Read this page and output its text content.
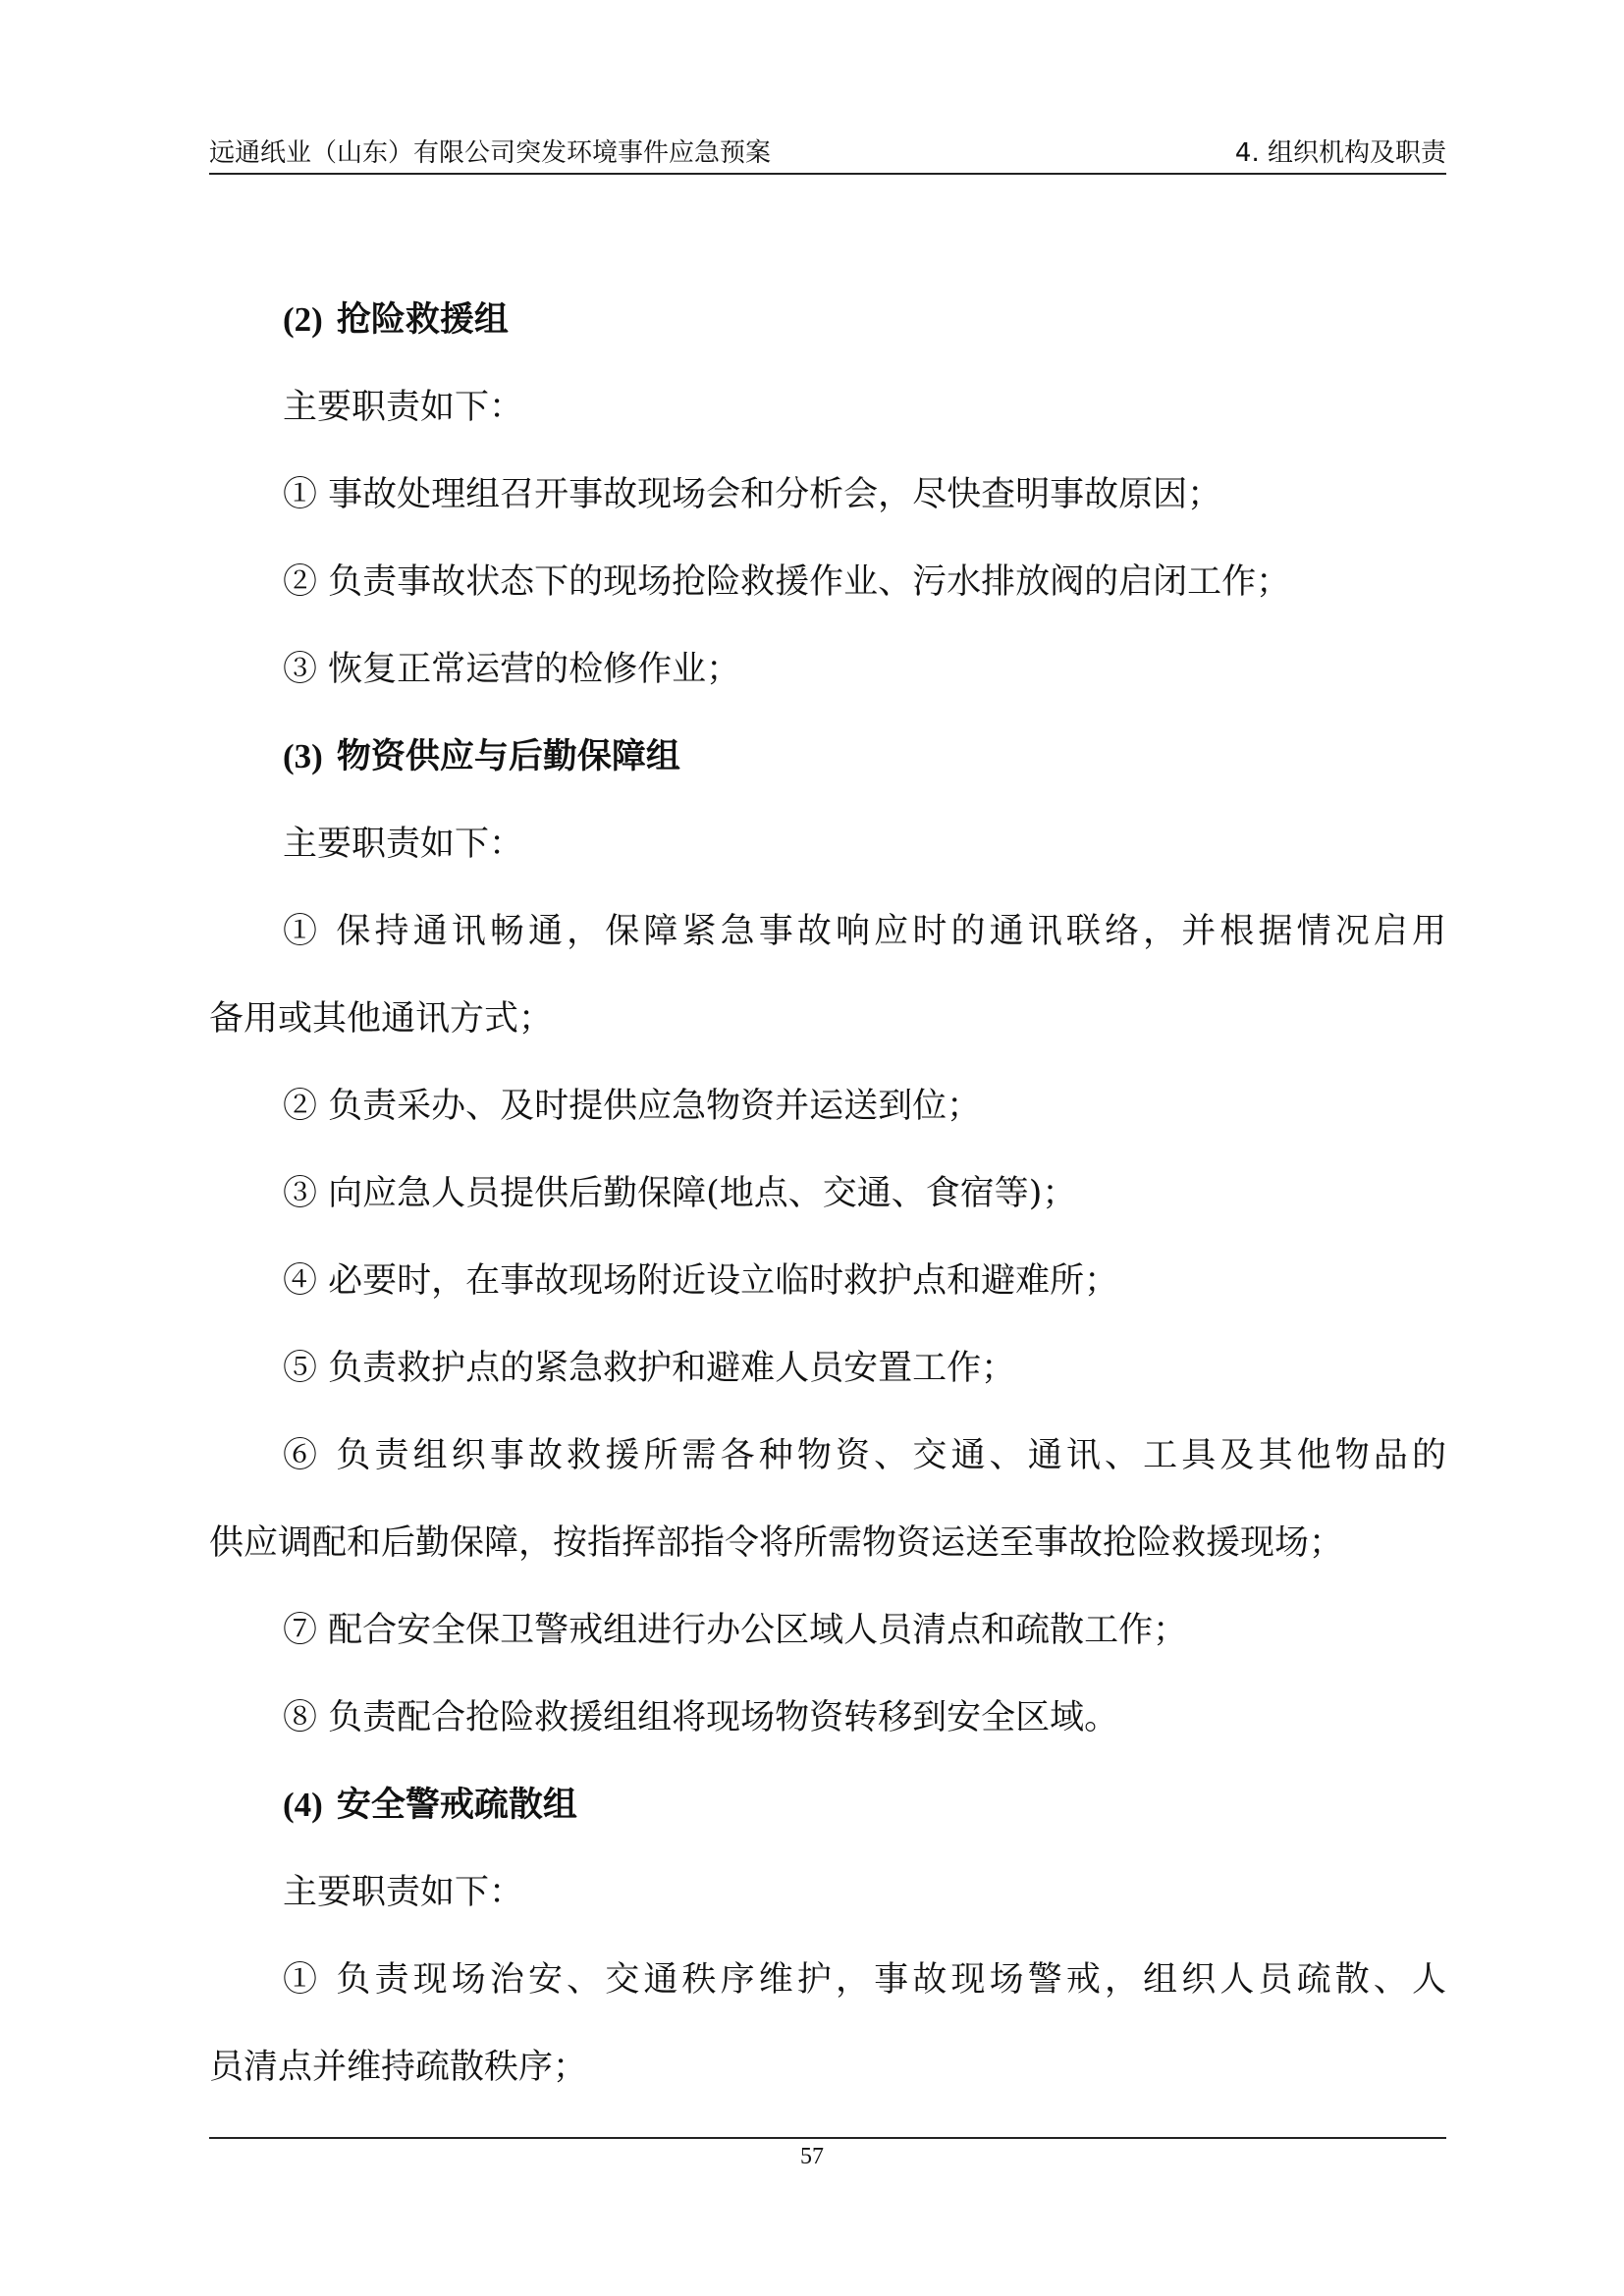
远通纸业（山东）有限公司突发环境事件应急预案	4. 组织机构及职责
(2) 抢险救援组
主要职责如下：
① 事故处理组召开事故现场会和分析会，尽快查明事故原因；
② 负责事故状态下的现场抢险救援作业、污水排放阀的启闭工作；
③ 恢复正常运营的检修作业；
(3) 物资供应与后勤保障组
主要职责如下：
① 保持通讯畅通，保障紧急事故响应时的通讯联络，并根据情况启用
备用或其他通讯方式；
② 负责采办、及时提供应急物资并运送到位；
③ 向应急人员提供后勤保障(地点、交通、食宿等)；
④ 必要时，在事故现场附近设立临时救护点和避难所；
⑤ 负责救护点的紧急救护和避难人员安置工作；
⑥ 负责组织事故救援所需各种物资、交通、通讯、工具及其他物品的
供应调配和后勤保障，按指挥部指令将所需物资运送至事故抢险救援现场；
⑦ 配合安全保卫警戒组进行办公区域人员清点和疏散工作；
⑧ 负责配合抢险救援组组将现场物资转移到安全区域。
(4) 安全警戒疏散组
主要职责如下：
① 负责现场治安、交通秩序维护，事故现场警戒，组织人员疏散、人
员清点并维持疏散秩序；
57
